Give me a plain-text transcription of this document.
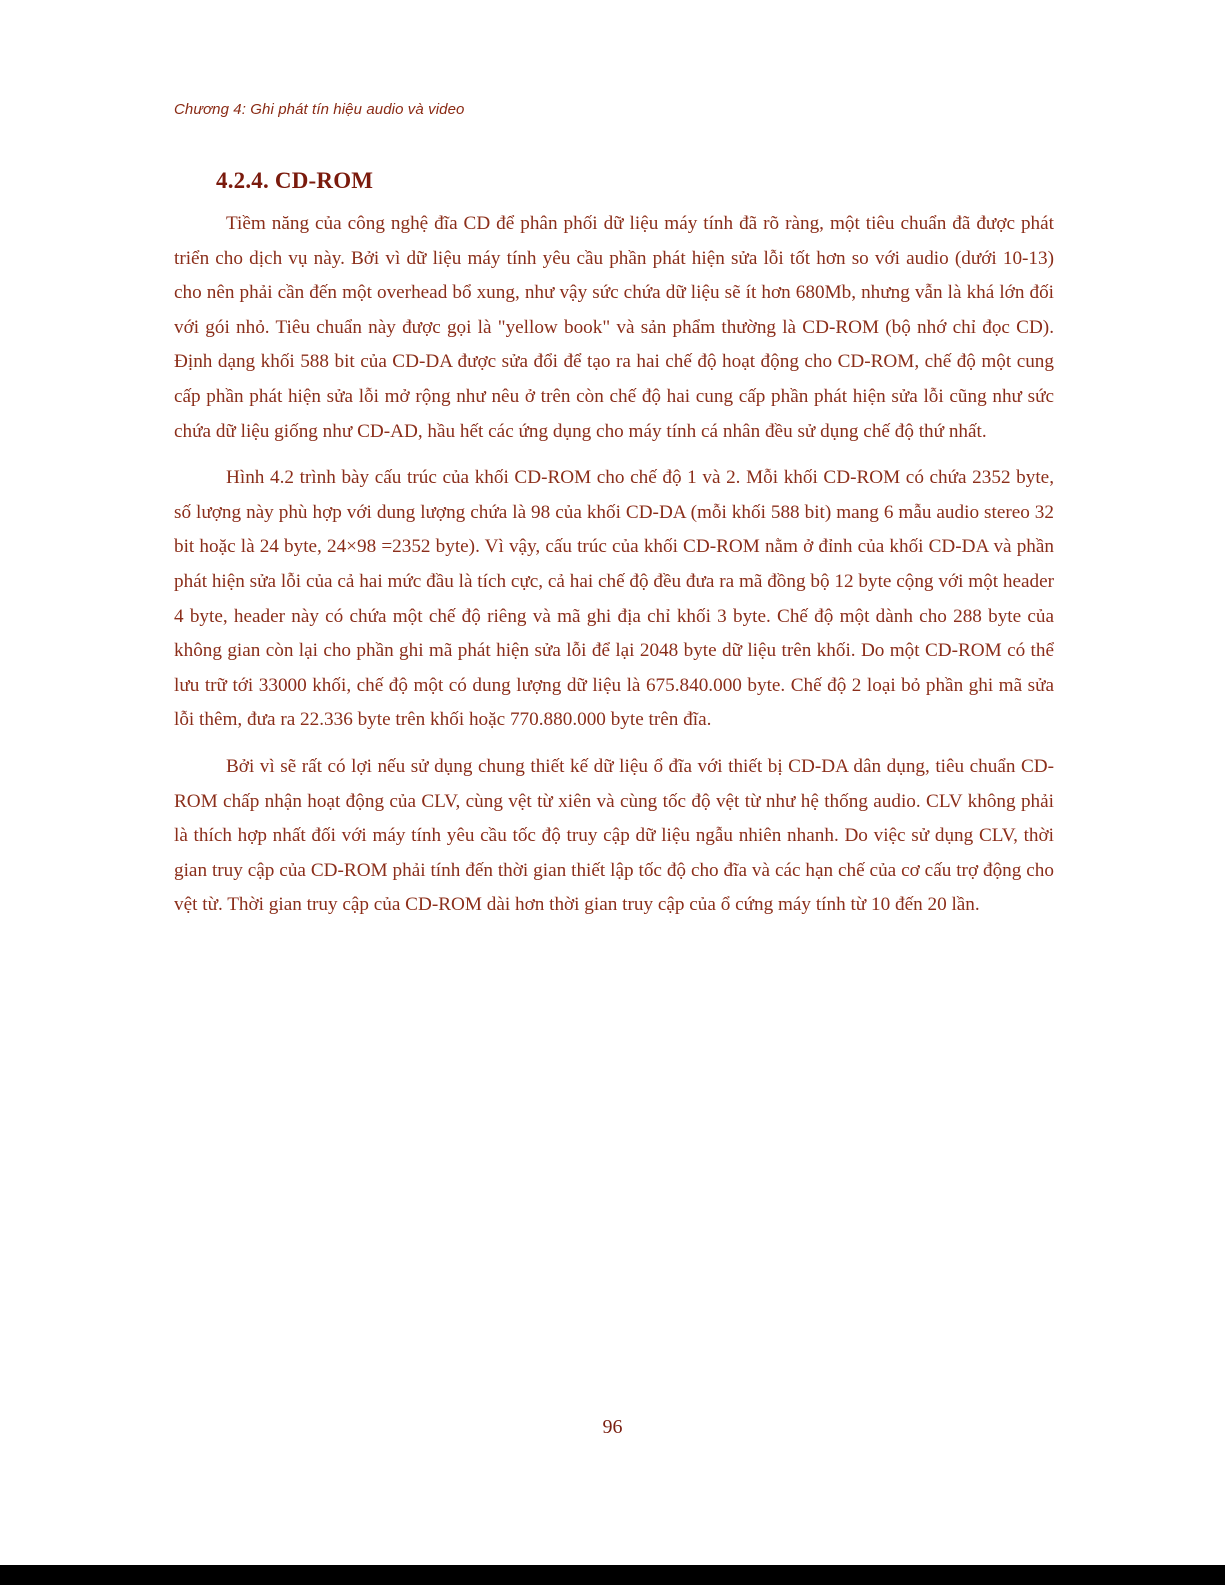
Chương 4: Ghi phát tín hiệu audio và video
4.2.4. CD-ROM

Tiềm năng của công nghệ đĩa CD để phân phối dữ liệu máy tính đã rõ ràng, một tiêu chuẩn đã được phát triển cho dịch vụ này. Bởi vì dữ liệu máy tính yêu cầu phần phát hiện sửa lỗi tốt hơn so với audio (dưới 10-13) cho nên phải cần đến một overhead bổ xung, như vậy sức chứa dữ liệu sẽ ít hơn 680Mb, nhưng vẫn là khá lớn đối với gói nhỏ. Tiêu chuẩn này được gọi là "yellow book" và sản phẩm thường là CD-ROM (bộ nhớ chỉ đọc CD). Định dạng khối 588 bit của CD-DA được sửa đổi để tạo ra hai chế độ hoạt động cho CD-ROM, chế độ một cung cấp phần phát hiện sửa lỗi mở rộng như nêu ở trên còn chế độ hai cung cấp phần phát hiện sửa lỗi cũng như sức chứa dữ liệu giống như CD-AD, hầu hết các ứng dụng cho máy tính cá nhân đều sử dụng chế độ thứ nhất.

Hình 4.2 trình bày cấu trúc của khối CD-ROM cho chế độ 1 và 2. Mỗi khối CD-ROM có chứa 2352 byte, số lượng này phù hợp với dung lượng chứa là 98 của khối CD-DA (mỗi khối 588 bit) mang 6 mẫu audio stereo 32 bit hoặc là 24 byte, 24×98 =2352 byte). Vì vậy, cấu trúc của khối CD-ROM nằm ở đỉnh của khối CD-DA và phần phát hiện sửa lỗi của cả hai mức đầu là tích cực, cả hai chế độ đều đưa ra mã đồng bộ 12 byte cộng với một header 4 byte, header này có chứa một chế độ riêng và mã ghi địa chỉ khối 3 byte. Chế độ một dành cho 288 byte của không gian còn lại cho phần ghi mã phát hiện sửa lỗi để lại 2048 byte dữ liệu trên khối. Do một CD-ROM có thể lưu trữ tới 33000 khối, chế độ một có dung lượng dữ liệu là 675.840.000 byte. Chế độ 2 loại bỏ phần ghi mã sửa lỗi thêm, đưa ra 22.336 byte trên khối hoặc 770.880.000 byte trên đĩa.

Bởi vì sẽ rất có lợi nếu sử dụng chung thiết kế dữ liệu ổ đĩa với thiết bị CD-DA dân dụng, tiêu chuẩn CD-ROM chấp nhận hoạt động của CLV, cùng vệt từ xiên và cùng tốc độ vệt từ như hệ thống audio. CLV không phải là thích hợp nhất đối với máy tính yêu cầu tốc độ truy cập dữ liệu ngẫu nhiên nhanh. Do việc sử dụng CLV, thời gian truy cập của CD-ROM phải tính đến thời gian thiết lập tốc độ cho đĩa và các hạn chế của cơ cấu trợ động cho vệt từ. Thời gian truy cập của CD-ROM dài hơn thời gian truy cập của ổ cứng máy tính từ 10 đến 20 lần.

96
